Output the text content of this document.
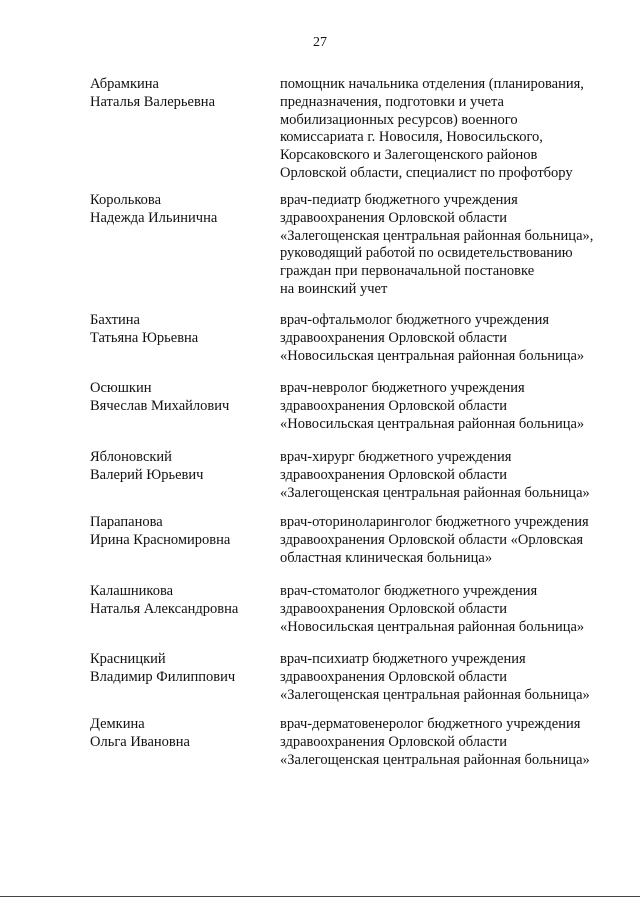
27
Абрамкина
Наталья Валерьевна
помощник начальника отделения (планирования,
предназначения, подготовки и учета
мобилизационных ресурсов) военного
комиссариата г. Новосиля, Новосильского,
Корсаковского и Залегощенского районов
Орловской области, специалист по профотбору
Королькова
Надежда Ильинична
врач-педиатр бюджетного учреждения
здравоохранения Орловской области
«Залегощенская центральная районная больница»,
руководящий работой по освидетельствованию
граждан при первоначальной постановке
на воинский учет
Бахтина
Татьяна Юрьевна
врач-офтальмолог бюджетного учреждения
здравоохранения Орловской области
«Новосильская центральная районная больница»
Осюшкин
Вячеслав Михайлович
врач-невролог бюджетного учреждения
здравоохранения Орловской области
«Новосильская центральная районная больница»
Яблоновский
Валерий Юрьевич
врач-хирург бюджетного учреждения
здравоохранения Орловской области
«Залегощенская центральная районная больница»
Парапанова
Ирина Красномировна
врач-оториноларинголог бюджетного учреждения
здравоохранения Орловской области «Орловская
областная клиническая больница»
Калашникова
Наталья Александровна
врач-стоматолог бюджетного учреждения
здравоохранения Орловской области
«Новосильская центральная районная больница»
Красницкий
Владимир Филиппович
врач-психиатр бюджетного учреждения
здравоохранения Орловской области
«Залегощенская центральная районная больница»
Демкина
Ольга Ивановна
врач-дерматовенеролог бюджетного учреждения
здравоохранения Орловской области
«Залегощенская центральная районная больница»
